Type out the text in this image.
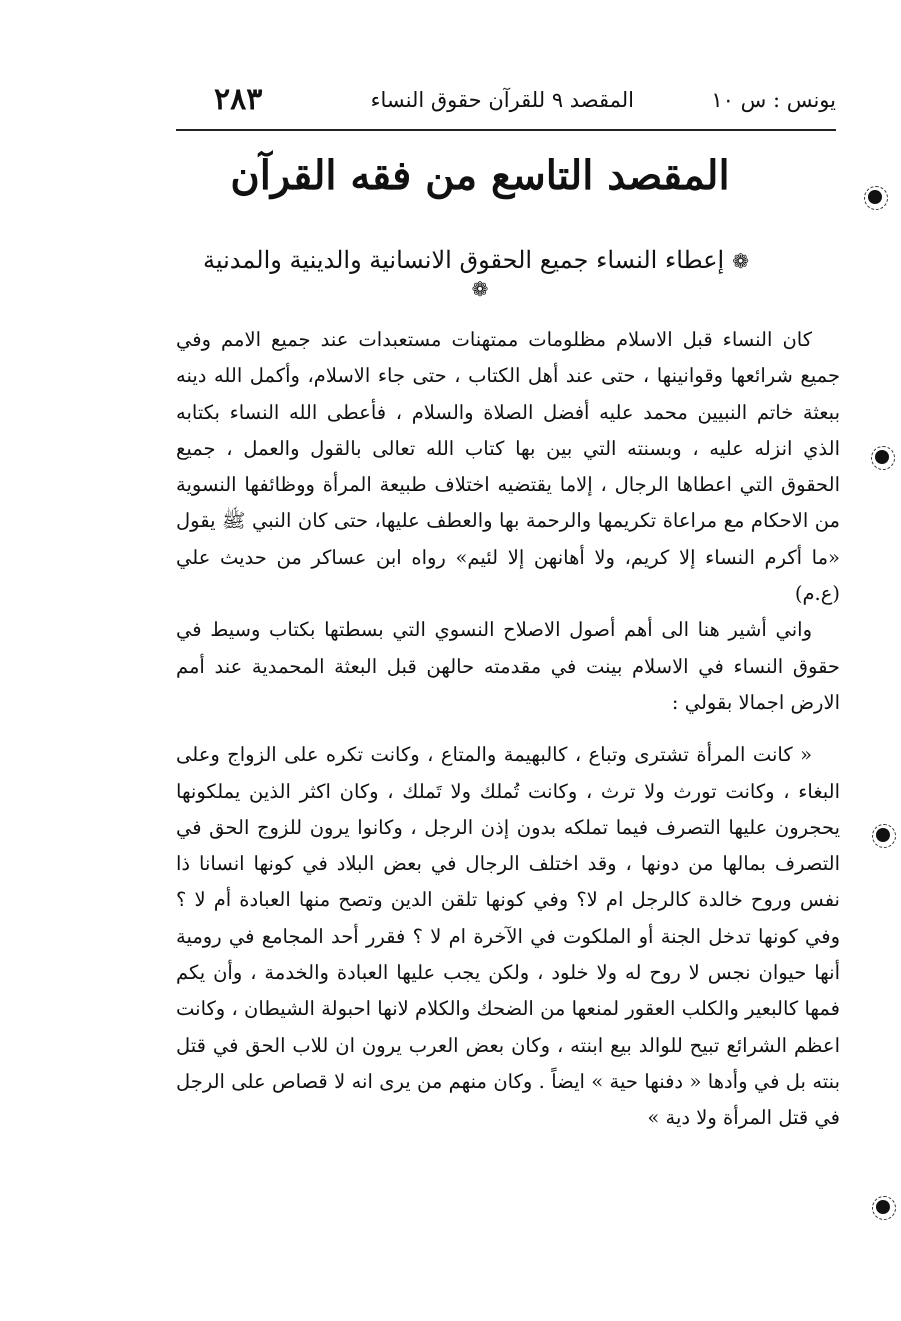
يونس : س ١٠
المقصد ٩ للقرآن حقوق النساء
٢٨٣
المقصد التاسع من فقه القرآن
❁إعطاء النساء جميع الحقوق الانسانية والدينية والمدنية❁

كان النساء قبل الاسلام مظلومات ممتهنات مستعبدات عند جميع الامم وفي جميع شرائعها وقوانينها ، حتى عند أهل الكتاب ، حتى جاء الاسلام، وأكمل الله دينه ببعثة خاتم النبيين محمد عليه أفضل الصلاة والسلام ، فأعطى الله النساء بكتابه الذي انزله عليه ، وبسنته التي بين بها كتاب الله تعالى بالقول والعمل ، جميع الحقوق التي اعطاها الرجال ، إلاما يقتضيه اختلاف طبيعة المرأة ووظائفها النسوية من الاحكام مع مراعاة تكريمها والرحمة بها والعطف عليها، حتى كان النبي ﷺ يقول «ما أكرم النساء إلا كريم، ولا أهانهن إلا لئيم» رواه ابن عساكر من حديث علي (ع.م)

واني أشير هنا الى أهم أصول الاصلاح النسوي التي بسطتها بكتاب وسيط في حقوق النساء في الاسلام بينت في مقدمته حالهن قبل البعثة المحمدية عند أمم الارض اجمالا بقولي :

« كانت المرأة تشترى وتباع ، كالبهيمة والمتاع ، وكانت تكره على الزواج وعلى البغاء ، وكانت تورث ولا ترث ، وكانت تُملك ولا تَملك ، وكان اكثر الذين يملكونها يحجرون عليها التصرف فيما تملكه بدون إذن الرجل ، وكانوا يرون للزوج الحق في التصرف بمالها من دونها ، وقد اختلف الرجال في بعض البلاد في كونها انسانا ذا نفس وروح خالدة كالرجل ام لا؟ وفي كونها تلقن الدين وتصح منها العبادة أم لا ؟ وفي كونها تدخل الجنة أو الملكوت في الآخرة ام لا ؟ فقرر أحد المجامع في رومية أنها حيوان نجس لا روح له ولا خلود ، ولكن يجب عليها العبادة والخدمة ، وأن يكم فمها كالبعير والكلب العقور لمنعها من الضحك والكلام لانها احبولة الشيطان ، وكانت اعظم الشرائع تبيح للوالد بيع ابنته ، وكان بعض العرب يرون ان للاب الحق في قتل بنته بل في وأدها « دفنها حية » ايضاً . وكان منهم من يرى انه لا قصاص على الرجل في قتل المرأة ولا دية »
